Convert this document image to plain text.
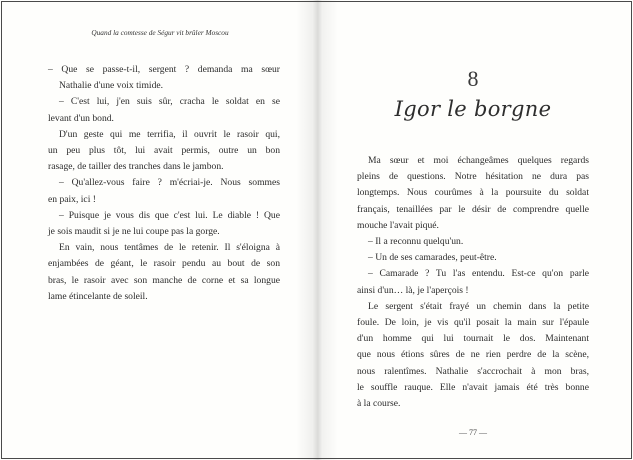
Quand la comtesse de Ségur vit brûler Moscou
– Que se passe-t-il, sergent ? demanda ma sœur
Nathalie d'une voix timide.
– C'est lui, j'en suis sûr, cracha le soldat en se
levant d'un bond.
D'un geste qui me terrifia, il ouvrit le rasoir qui,
un peu plus tôt, lui avait permis, outre un bon
rasage, de tailler des tranches dans le jambon.
– Qu'allez-vous faire ? m'écriai-je. Nous sommes
en paix, ici !
– Puisque je vous dis que c'est lui. Le diable ! Que
je sois maudit si je ne lui coupe pas la gorge.
En vain, nous tentâmes de le retenir. Il s'éloigna à
enjambées de géant, le rasoir pendu au bout de son
bras, le rasoir avec son manche de corne et sa longue
lame étincelante de soleil.
8
Igor le borgne
Ma sœur et moi échangeâmes quelques regards
pleins de questions. Notre hésitation ne dura pas
longtemps. Nous courûmes à la poursuite du soldat
français, tenaillées par le désir de comprendre quelle
mouche l'avait piqué.
– Il a reconnu quelqu'un.
– Un de ses camarades, peut-être.
– Camarade ? Tu l'as entendu. Est-ce qu'on parle
ainsi d'un… là, je l'aperçois !
Le sergent s'était frayé un chemin dans la petite
foule. De loin, je vis qu'il posait la main sur l'épaule
d'un homme qui lui tournait le dos. Maintenant
que nous étions sûres de ne rien perdre de la scène,
nous ralentîmes. Nathalie s'accrochait à mon bras,
le souffle rauque. Elle n'avait jamais été très bonne
à la course.
— 77 —
